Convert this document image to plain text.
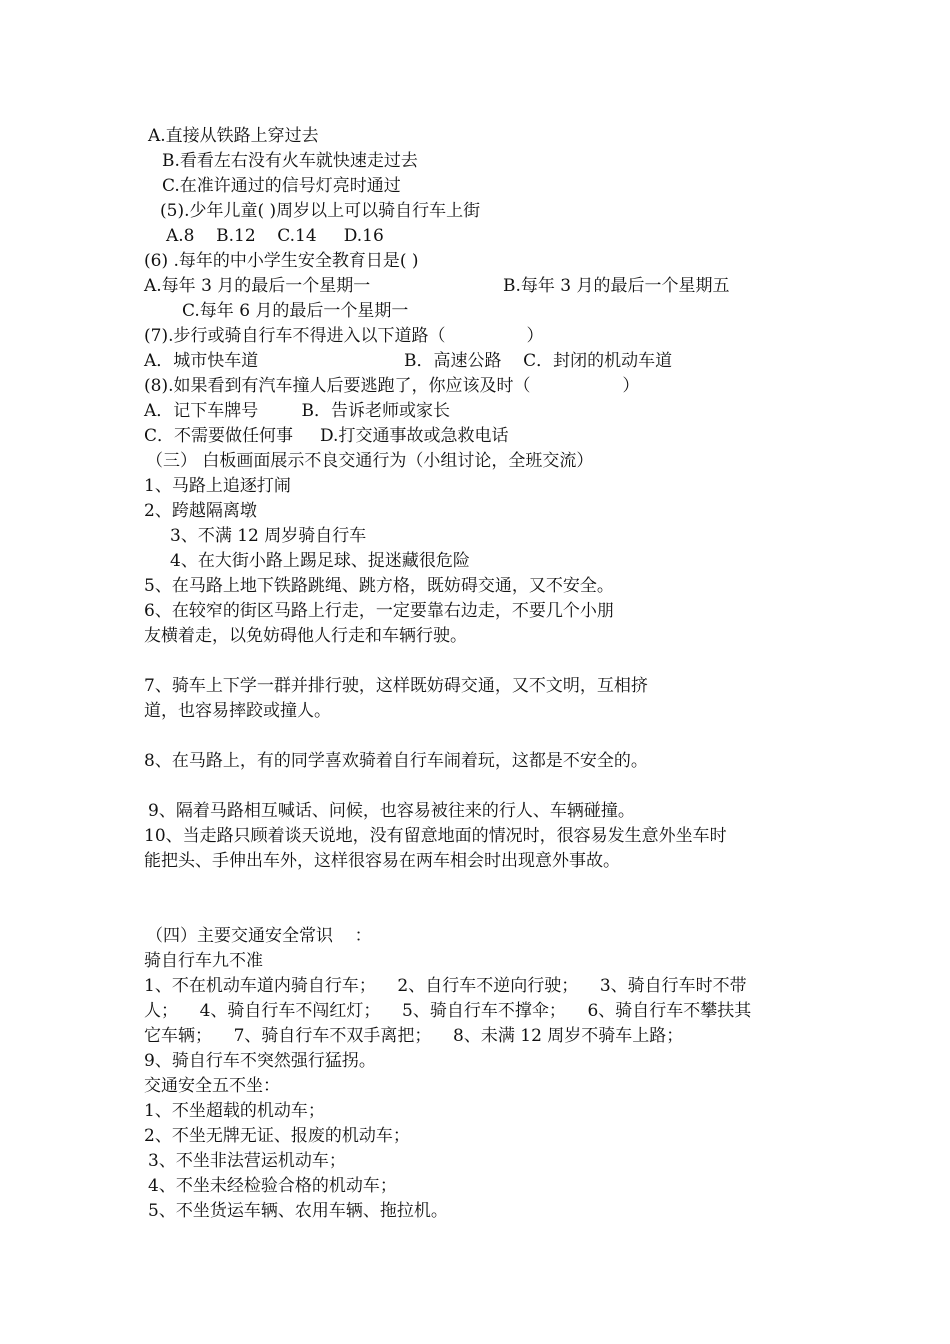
A.直接从铁路上穿过去
B.看看左右没有火车就快速走过去
C.在准许通过的信号灯亮时通过
(5).少年儿童( )周岁以上可以骑自行车上街
A.8    B.12    C.14     D.16
(6) .每年的中小学生安全教育日是( )
A.每年 3 月的最后一个星期一	B.每年 3 月的最后一个星期五
C.每年 6 月的最后一个星期一
(7).步行或骑自行车不得进入以下道路（               ）
A．城市快车道	B．高速公路    C．封闭的机动车道
(8).如果看到有汽车撞人后要逃跑了，你应该及时（                 ）
A．记下车牌号        B．告诉老师或家长
C．不需要做任何事     D.打交通事故或急救电话
（三） 白板画面展示不良交通行为（小组讨论，全班交流）
1、马路上追逐打闹
2、跨越隔离墩
3、不满 12 周岁骑自行车
4、在大街小路上踢足球、捉迷藏很危险
5、在马路上地下铁路跳绳、跳方格，既妨碍交通，又不安全。
6、在较窄的街区马路上行走，一定要靠右边走，不要几个小朋
友横着走，以免妨碍他人行走和车辆行驶。
7、骑车上下学一群并排行驶，这样既妨碍交通，又不文明，互相挤
道，也容易摔跤或撞人。
8、在马路上，有的同学喜欢骑着自行车闹着玩，这都是不安全的。
9、隔着马路相互喊话、问候，也容易被往来的行人、车辆碰撞。
10、当走路只顾着谈天说地，没有留意地面的情况时，很容易发生意外坐车时
能把头、手伸出车外，这样很容易在两车相会时出现意外事故。
（四）主要交通安全常识    ：
骑自行车九不准
1、不在机动车道内骑自行车；    2、自行车不逆向行驶；    3、骑自行车时不带
人；    4、骑自行车不闯红灯；    5、骑自行车不撑伞；    6、骑自行车不攀扶其
它车辆；    7、骑自行车不双手离把；    8、未满 12 周岁不骑车上路；
9、骑自行车不突然强行猛拐。
交通安全五不坐：
1、不坐超载的机动车；
2、不坐无牌无证、报废的机动车；
3、不坐非法营运机动车；
4、不坐未经检验合格的机动车；
5、不坐货运车辆、农用车辆、拖拉机。
